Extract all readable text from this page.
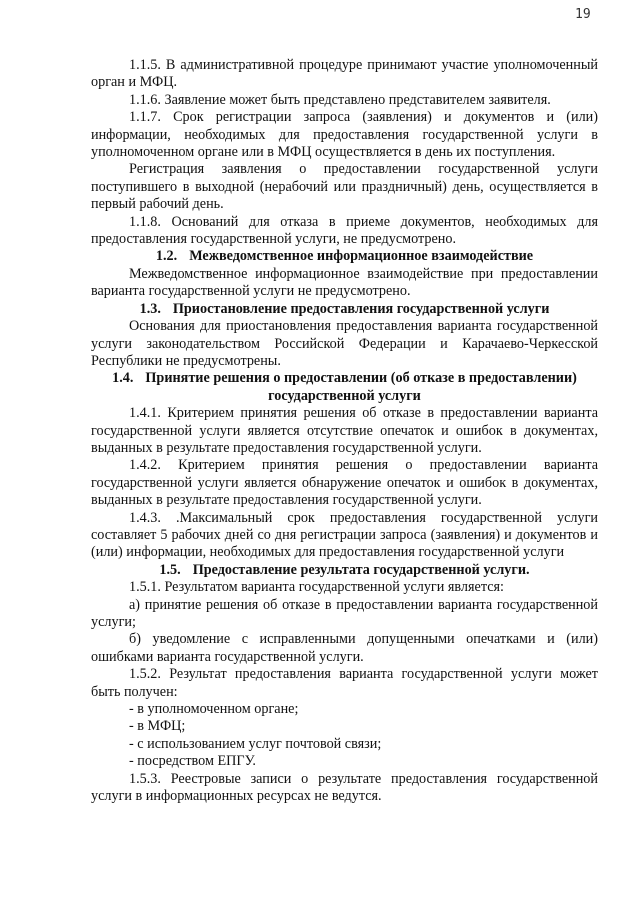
19

1.1.5. В административной процедуре принимают участие уполномоченный орган и МФЦ.

1.1.6. Заявление может быть представлено представителем заявителя.

1.1.7. Срок регистрации запроса (заявления) и документов и (или) информации, необходимых для предоставления государственной услуги в уполномоченном органе или в МФЦ осуществляется в день их поступления.

Регистрация заявления о предоставлении государственной услуги поступившего в выходной (нерабочий или праздничный) день, осуществляется в первый рабочий день.

1.1.8. Оснований для отказа в приеме документов, необходимых для предоставления государственной услуги, не предусмотрено.

1.2. Межведомственное информационное взаимодействие

Межведомственное информационное взаимодействие при предоставлении варианта государственной услуги не предусмотрено.

1.3. Приостановление предоставления государственной услуги

Основания для приостановления предоставления варианта государственной услуги законодательством Российской Федерации и Карачаево-Черкесской Республики не предусмотрены.

1.4. Принятие решения о предоставлении (об отказе в предоставлении) государственной услуги

1.4.1. Критерием принятия решения об отказе в предоставлении варианта государственной услуги является отсутствие опечаток и ошибок в документах, выданных в результате предоставления государственной услуги.

1.4.2. Критерием принятия решения о предоставлении варианта государственной услуги является обнаружение опечаток и ошибок в документах, выданных в результате предоставления государственной услуги.

1.4.3. .Максимальный срок предоставления государственной услуги составляет 5 рабочих дней со дня регистрации запроса (заявления) и документов и (или) информации, необходимых для предоставления государственной услуги

1.5. Предоставление результата государственной услуги.

1.5.1. Результатом варианта государственной услуги является:

а) принятие решения об отказе в предоставлении варианта государственной услуги;

б) уведомление с исправленными допущенными опечатками и (или) ошибками варианта государственной услуги.

1.5.2. Результат предоставления варианта государственной услуги может быть получен:

- в уполномоченном органе;

- в МФЦ;

- с использованием услуг почтовой связи;

- посредством ЕПГУ.

1.5.3. Реестровые записи о результате предоставления государственной услуги в информационных ресурсах не ведутся.
